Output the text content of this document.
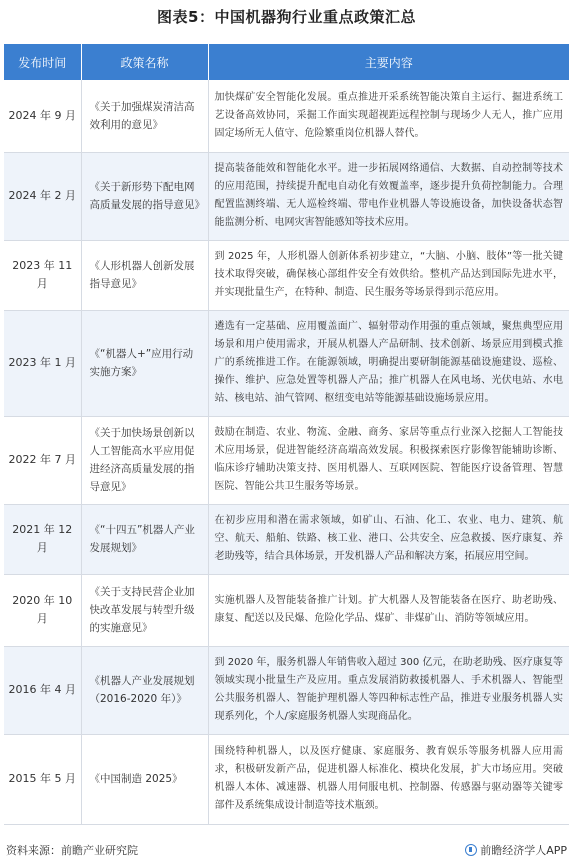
图表5：中国机器狗行业重点政策汇总
发布时间	政策名称	主要内容
2024 年 9 月	《关于加强煤炭清洁高效利用的意见》	加快煤矿安全智能化发展。重点推进开采系统智能决策自主运行、掘进系统工艺设备高效协同，采掘工作面实现超视距远程控制与现场少人无人，推广应用固定场所无人值守、危险繁重岗位机器人替代。
2024 年 2 月	《关于新形势下配电网高质量发展的指导意见》	提高装备能效和智能化水平。进一步拓展网络通信、大数据、自动控制等技术的应用范围，持续提升配电自动化有效覆盖率，逐步提升负荷控制能力。合理配置监测终端、无人巡检终端、带电作业机器人等设施设备，加快设备状态智能监测分析、电网灾害智能感知等技术应用。
2023 年 11 月	《人形机器人创新发展指导意见》	到 2025 年，人形机器人创新体系初步建立，“大脑、小脑、肢体”等一批关键技术取得突破，确保核心部组件安全有效供给。整机产品达到国际先进水平，并实现批量生产，在特种、制造、民生服务等场景得到示范应用。
2023 年 1 月	《“机器人+”应用行动实施方案》	遴选有一定基础、应用覆盖面广、辐射带动作用强的重点领域，聚焦典型应用场景和用户使用需求，开展从机器人产品研制、技术创新、场景应用到模式推广的系统推进工作。在能源领域，明确提出要研制能源基础设施建设、巡检、操作、维护、应急处置等机器人产品；推广机器人在风电场、光伏电站、水电站、核电站、油气管网、枢纽变电站等能源基础设施场景应用。
2022 年 7 月	《关于加快场景创新以人工智能高水平应用促进经济高质量发展的指导意见》	鼓励在制造、农业、物流、金融、商务、家居等重点行业深入挖掘人工智能技术应用场景，促进智能经济高端高效发展。积极探索医疗影像智能辅助诊断、临床诊疗辅助决策支持、医用机器人、互联网医院、智能医疗设备管理、智慧医院、智能公共卫生服务等场景。
2021 年 12 月	《“十四五”机器人产业发展规划》	在初步应用和潜在需求领域，如矿山、石油、化工、农业、电力、建筑、航空、航天、船舶、铁路、核工业、港口、公共安全、应急救援、医疗康复、养老助残等，结合具体场景，开发机器人产品和解决方案，拓展应用空间。
2020 年 10 月	《关于支持民营企业加快改革发展与转型升级的实施意见》	实施机器人及智能装备推广计划。扩大机器人及智能装备在医疗、助老助残、康复、配送以及民爆、危险化学品、煤矿、非煤矿山、消防等领域应用。
2016 年 4 月	《机器人产业发展规划（2016-2020 年）》	到 2020 年，服务机器人年销售收入超过 300 亿元，在助老助残、医疗康复等领域实现小批量生产及应用。重点发展消防救援机器人、手术机器人、智能型公共服务机器人、智能护理机器人等四种标志性产品，推进专业服务机器人实现系列化，个人/家庭服务机器人实现商品化。
2015 年 5 月	《中国制造 2025》	围绕特种机器人，以及医疗健康、家庭服务、教育娱乐等服务机器人应用需求，积极研发新产品，促进机器人标准化、模块化发展，扩大市场应用。突破机器人本体、减速器、机器人用伺服电机、控制器、传感器与驱动器等关键零部件及系统集成设计制造等技术瓶颈。
资料来源：前瞻产业研究院	前瞻经济学人APP
